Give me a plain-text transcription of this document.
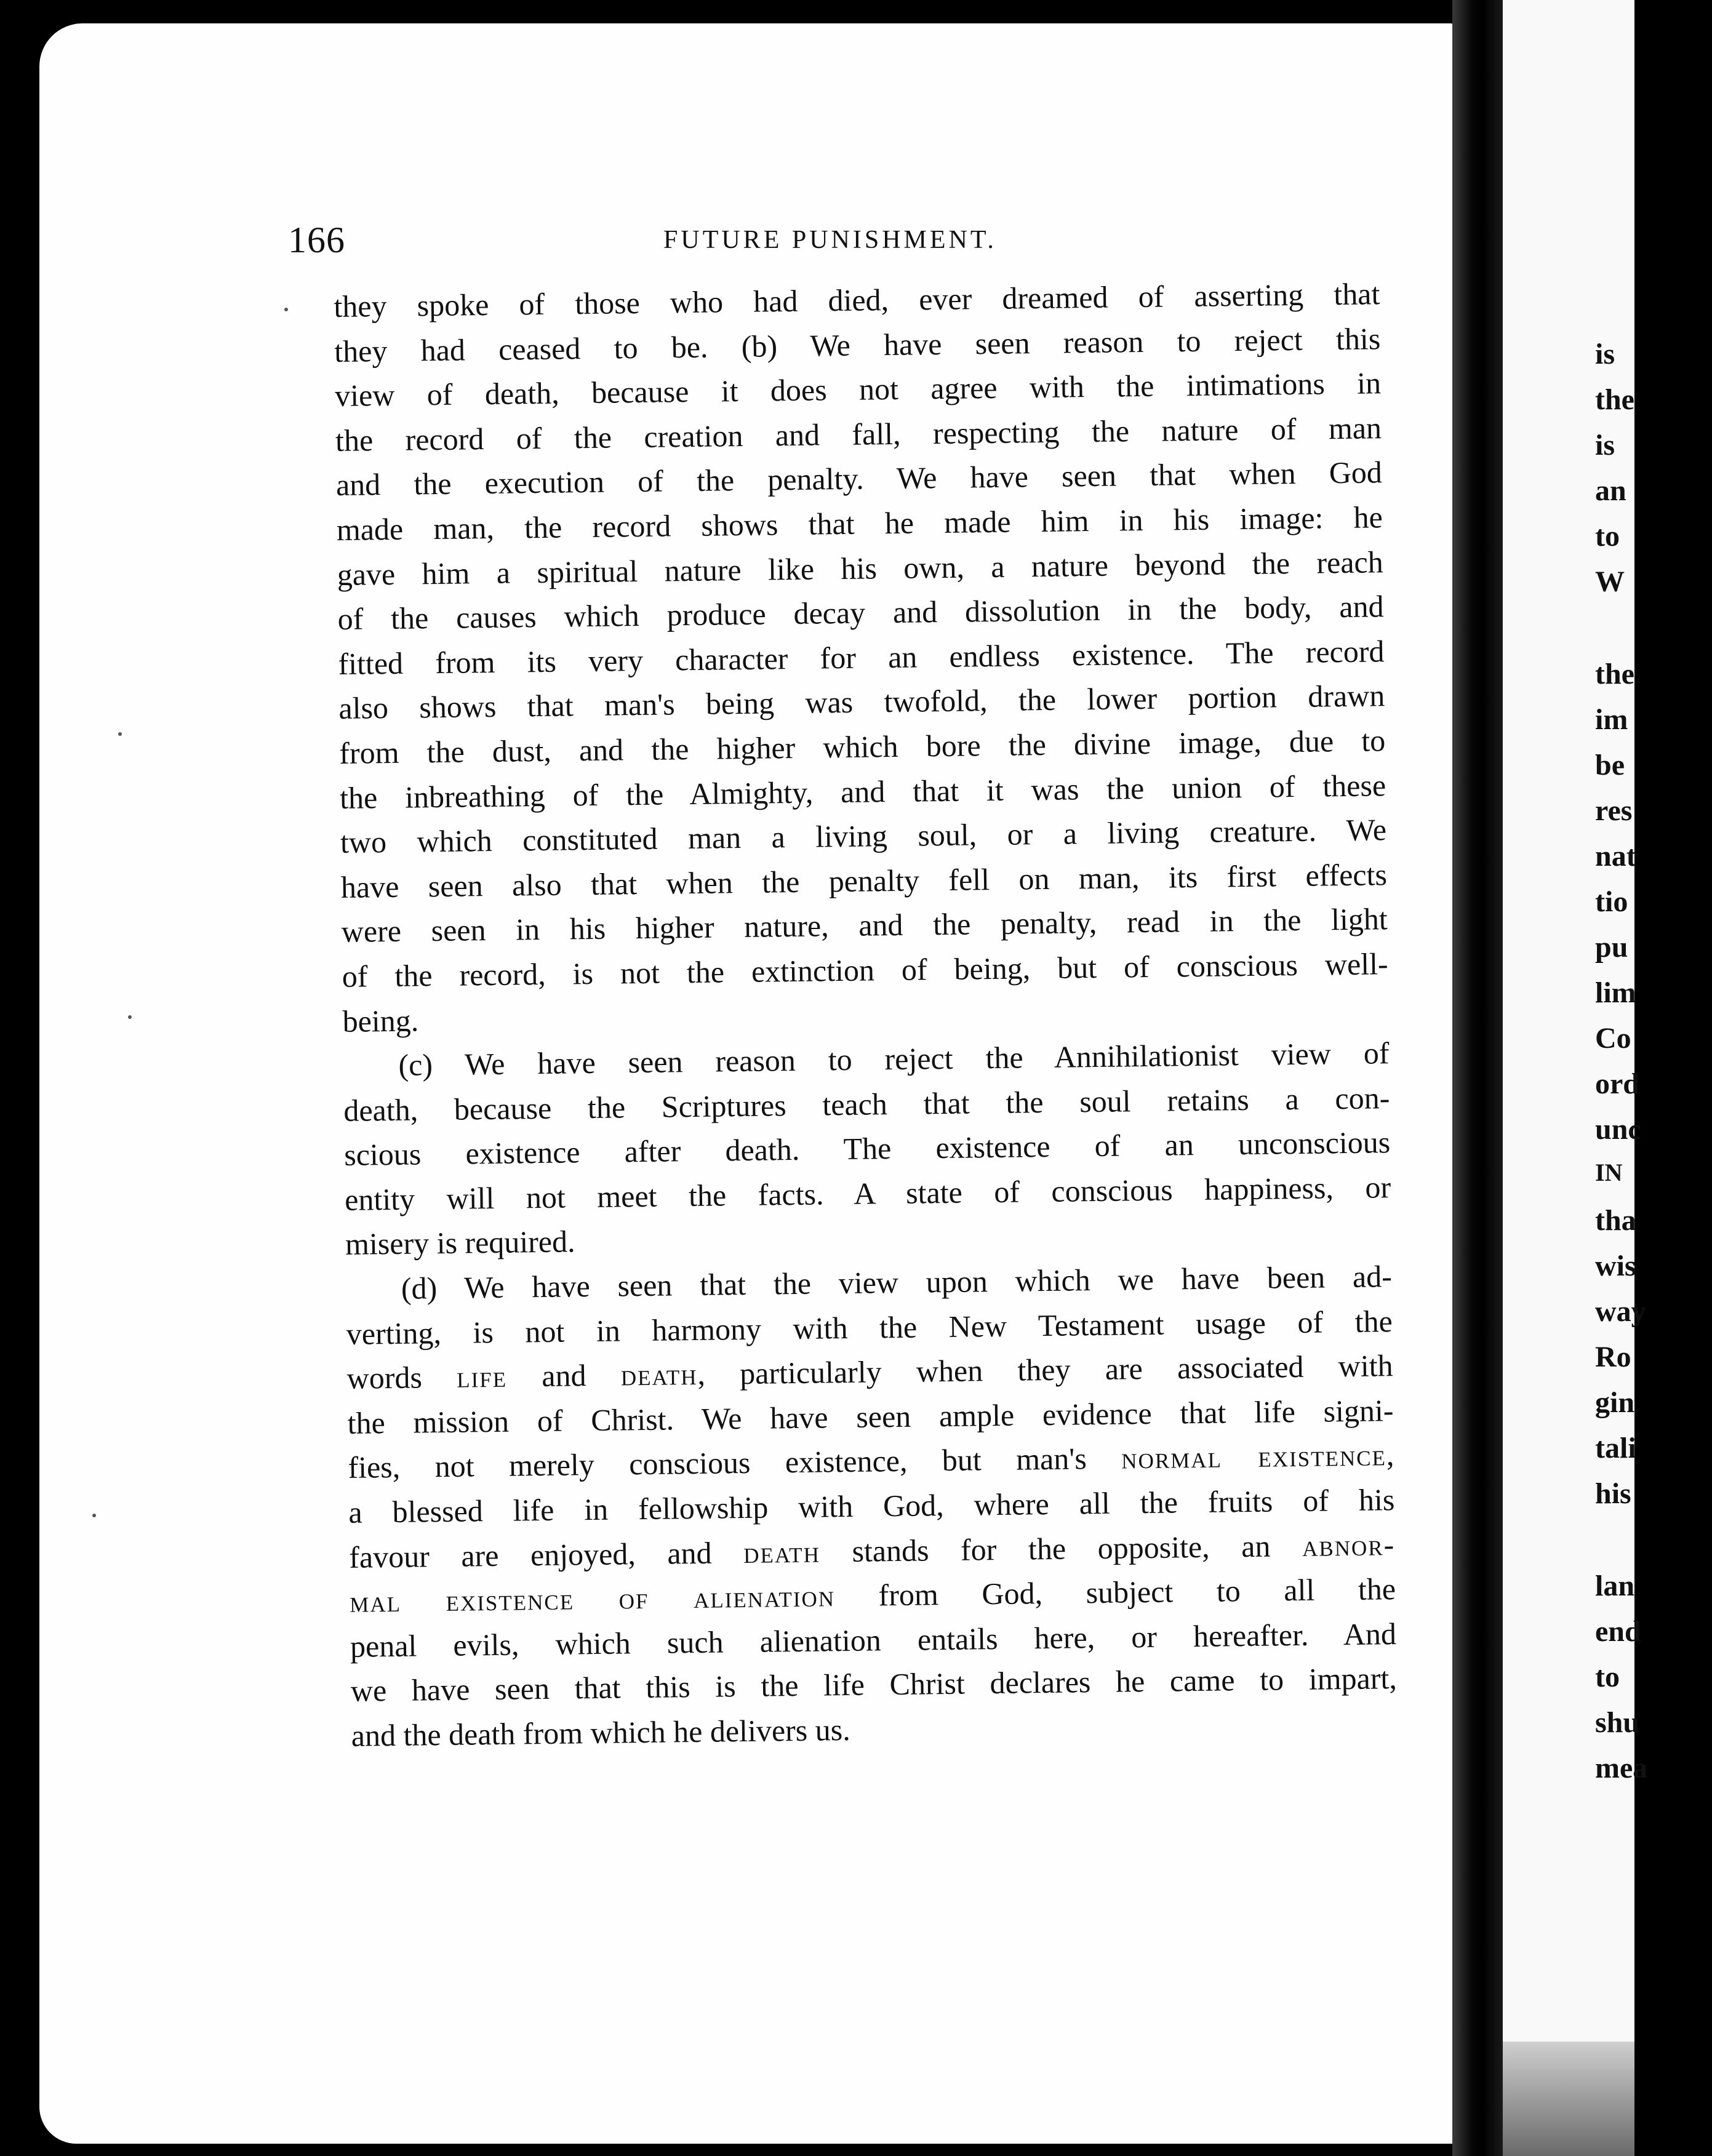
166	FUTURE PUNISHMENT.
they spoke of those who had died, ever dreamed of asserting that
they had ceased to be. (b) We have seen reason to reject this
view of death, because it does not agree with the intimations in
the record of the creation and fall, respecting the nature of man
and the execution of the penalty. We have seen that when God
made man, the record shows that he made him in his image: he
gave him a spiritual nature like his own, a nature beyond the reach
of the causes which produce decay and dissolution in the body, and
fitted from its very character for an endless existence. The record
also shows that man's being was twofold, the lower portion drawn
from the dust, and the higher which bore the divine image, due to
the inbreathing of the Almighty, and that it was the union of these
two which constituted man a living soul, or a living creature. We
have seen also that when the penalty fell on man, its first effects
were seen in his higher nature, and the penalty, read in the light
of the record, is not the extinction of being, but of conscious well-
being.
(c) We have seen reason to reject the Annihilationist view of
death, because the Scriptures teach that the soul retains a con-
scious existence after death. The existence of an unconscious
entity will not meet the facts. A state of conscious happiness, or
misery is required.
(d) We have seen that the view upon which we have been ad-
verting, is not in harmony with the New Testament usage of the
words life and death, particularly when they are associated with
the mission of Christ. We have seen ample evidence that life signi-
fies, not merely conscious existence, but man's normal existence,
a blessed life in fellowship with God, where all the fruits of his
favour are enjoyed, and death stands for the opposite, an abnor-
mal existence of alienation from God, subject to all the
penal evils, which such alienation entails here, or hereafter. And
we have seen that this is the life Christ declares he came to impart,
and the death from which he delivers us.
is
the
is
an
to
W
the
im
be
res
nat
tio
pu
lim
Co
ord
unc
IN
tha
wis
way
Ro
gin
tali
his
lan
end
to
shu
mea
